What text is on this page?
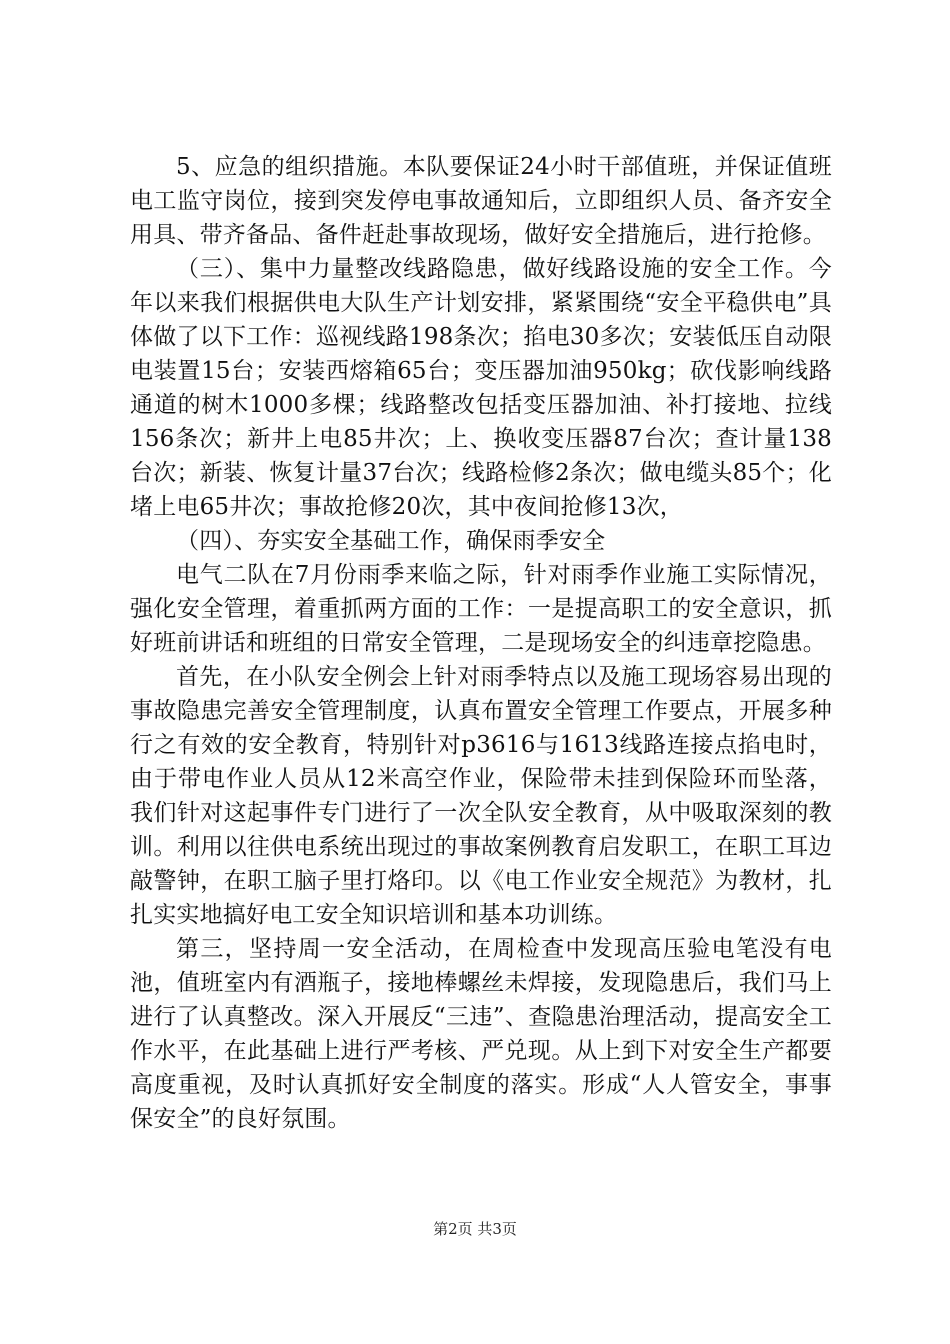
5、应急的组织措施。本队要保证24小时干部值班，并保证值班电工监守岗位，接到突发停电事故通知后，立即组织人员、备齐安全用具、带齐备品、备件赶赴事故现场，做好安全措施后，进行抢修。

（三）、集中力量整改线路隐患，做好线路设施的安全工作。今年以来我们根据供电大队生产计划安排，紧紧围绕“安全平稳供电”具体做了以下工作：巡视线路198条次；掐电30多次；安装低压自动限电装置15台；安装西熔箱65台；变压器加油950kg；砍伐影响线路通道的树木1000多棵；线路整改包括变压器加油、补打接地、拉线156条次；新井上电85井次；上、换收变压器87台次；查计量138台次；新装、恢复计量37台次；线路检修2条次；做电缆头85个；化堵上电65井次；事故抢修20次，其中夜间抢修13次，

（四）、夯实安全基础工作，确保雨季安全

电气二队在7月份雨季来临之际，针对雨季作业施工实际情况，强化安全管理，着重抓两方面的工作：一是提高职工的安全意识，抓好班前讲话和班组的日常安全管理，二是现场安全的纠违章挖隐患。

首先，在小队安全例会上针对雨季特点以及施工现场容易出现的事故隐患完善安全管理制度，认真布置安全管理工作要点，开展多种行之有效的安全教育，特别针对p3616与1613线路连接点掐电时，由于带电作业人员从12米高空作业，保险带未挂到保险环而坠落，我们针对这起事件专门进行了一次全队安全教育，从中吸取深刻的教训。利用以往供电系统出现过的事故案例教育启发职工，在职工耳边敲警钟，在职工脑子里打烙印。以《电工作业安全规范》为教材，扎扎实实地搞好电工安全知识培训和基本功训练。

第三，坚持周一安全活动，在周检查中发现高压验电笔没有电池，值班室内有酒瓶子，接地棒螺丝未焊接，发现隐患后，我们马上进行了认真整改。深入开展反“三违”、查隐患治理活动，提高安全工作水平，在此基础上进行严考核、严兑现。从上到下对安全生产都要高度重视，及时认真抓好安全制度的落实。形成“人人管安全，事事保安全”的良好氛围。

第2页 共3页
